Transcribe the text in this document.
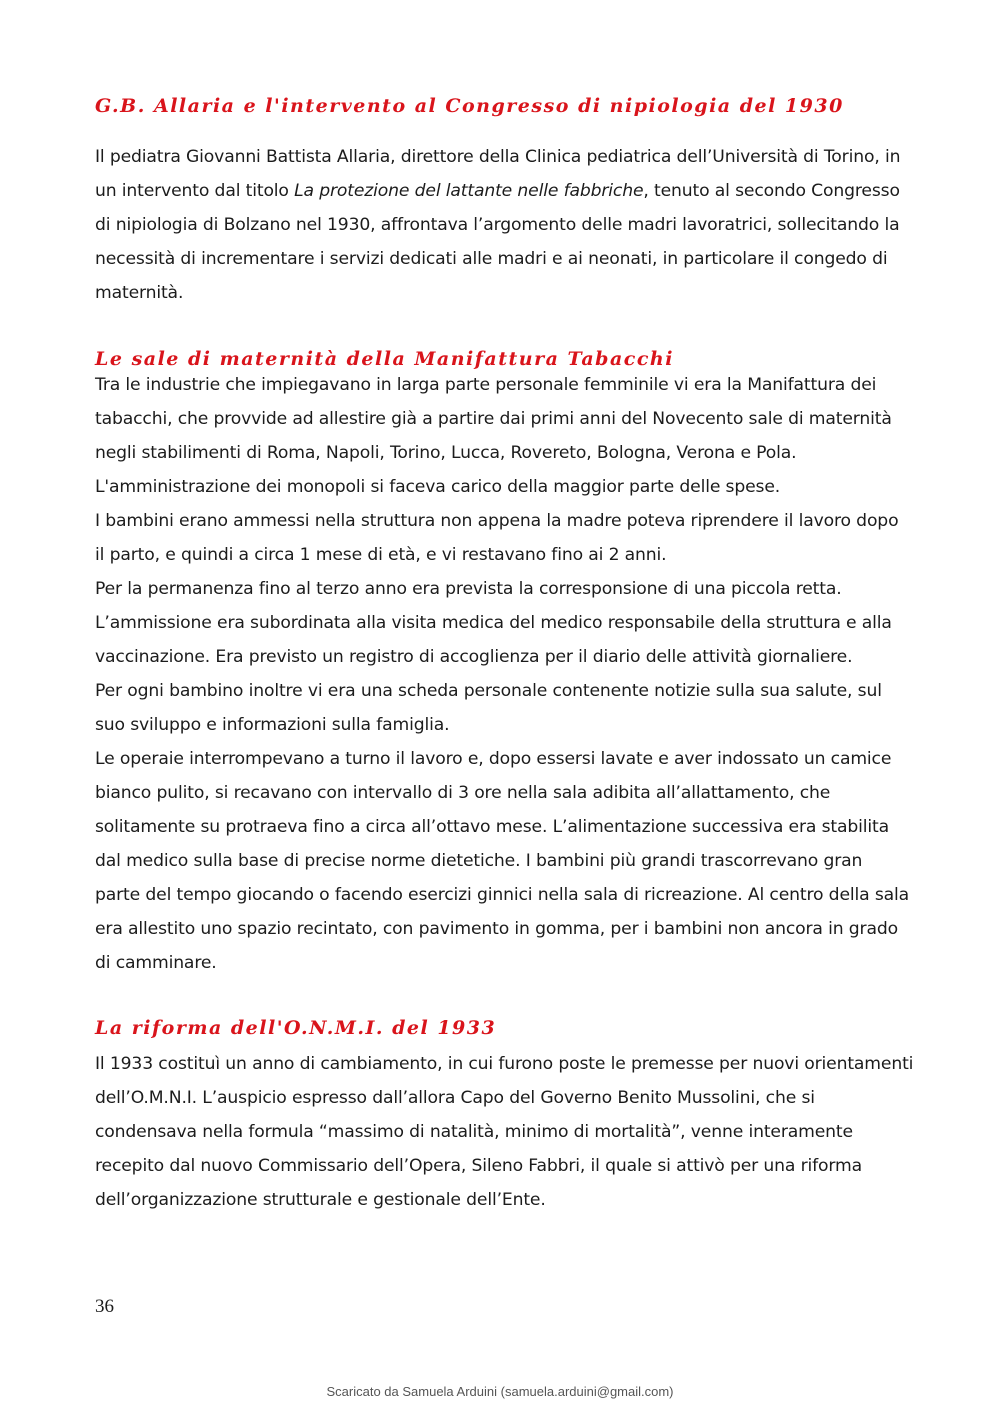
G.B. Allaria e l'intervento al Congresso di nipiologia del 1930

Il pediatra Giovanni Battista Allaria, direttore della Clinica pediatrica dell’Università di Torino, in
un intervento dal titolo La protezione del lattante nelle fabbriche, tenuto al secondo Congresso
di nipiologia di Bolzano nel 1930, affrontava l’argomento delle madri lavoratrici, sollecitando la
necessità di incrementare i servizi dedicati alle madri e ai neonati, in particolare il congedo di
maternità.

Le sale di maternità della Manifattura Tabacchi

Tra le industrie che impiegavano in larga parte personale femminile vi era la Manifattura dei
tabacchi, che provvide ad allestire già a partire dai primi anni del Novecento sale di maternità
negli stabilimenti di Roma, Napoli, Torino, Lucca, Rovereto, Bologna, Verona e Pola.
L'amministrazione dei monopoli si faceva carico della maggior parte delle spese.
I bambini erano ammessi nella struttura non appena la madre poteva riprendere il lavoro dopo
il parto, e quindi a circa 1 mese di età, e vi restavano fino ai 2 anni.
Per la permanenza fino al terzo anno era prevista la corresponsione di una piccola retta.
L’ammissione era subordinata alla visita medica del medico responsabile della struttura e alla
vaccinazione. Era previsto un registro di accoglienza per il diario delle attività giornaliere.
Per ogni bambino inoltre vi era una scheda personale contenente notizie sulla sua salute, sul
suo sviluppo e informazioni sulla famiglia.
Le operaie interrompevano a turno il lavoro e, dopo essersi lavate e aver indossato un camice
bianco pulito, si recavano con intervallo di 3 ore nella sala adibita all’allattamento, che
solitamente su protraeva fino a circa all’ottavo mese. L’alimentazione successiva era stabilita
dal medico sulla base di precise norme dietetiche. I bambini più grandi trascorrevano gran
parte del tempo giocando o facendo esercizi ginnici nella sala di ricreazione. Al centro della sala
era allestito uno spazio recintato, con pavimento in gomma, per i bambini non ancora in grado
di camminare.

La riforma dell'O.N.M.I. del 1933

Il 1933 costituì un anno di cambiamento, in cui furono poste le premesse per nuovi orientamenti
dell’O.M.N.I. L’auspicio espresso dall’allora Capo del Governo Benito Mussolini, che si
condensava nella formula “massimo di natalità, minimo di mortalità”, venne interamente
recepito dal nuovo Commissario dell’Opera, Sileno Fabbri, il quale si attivò per una riforma
dell’organizzazione strutturale e gestionale dell’Ente.

36
Scaricato da Samuela Arduini (samuela.arduini@gmail.com)
